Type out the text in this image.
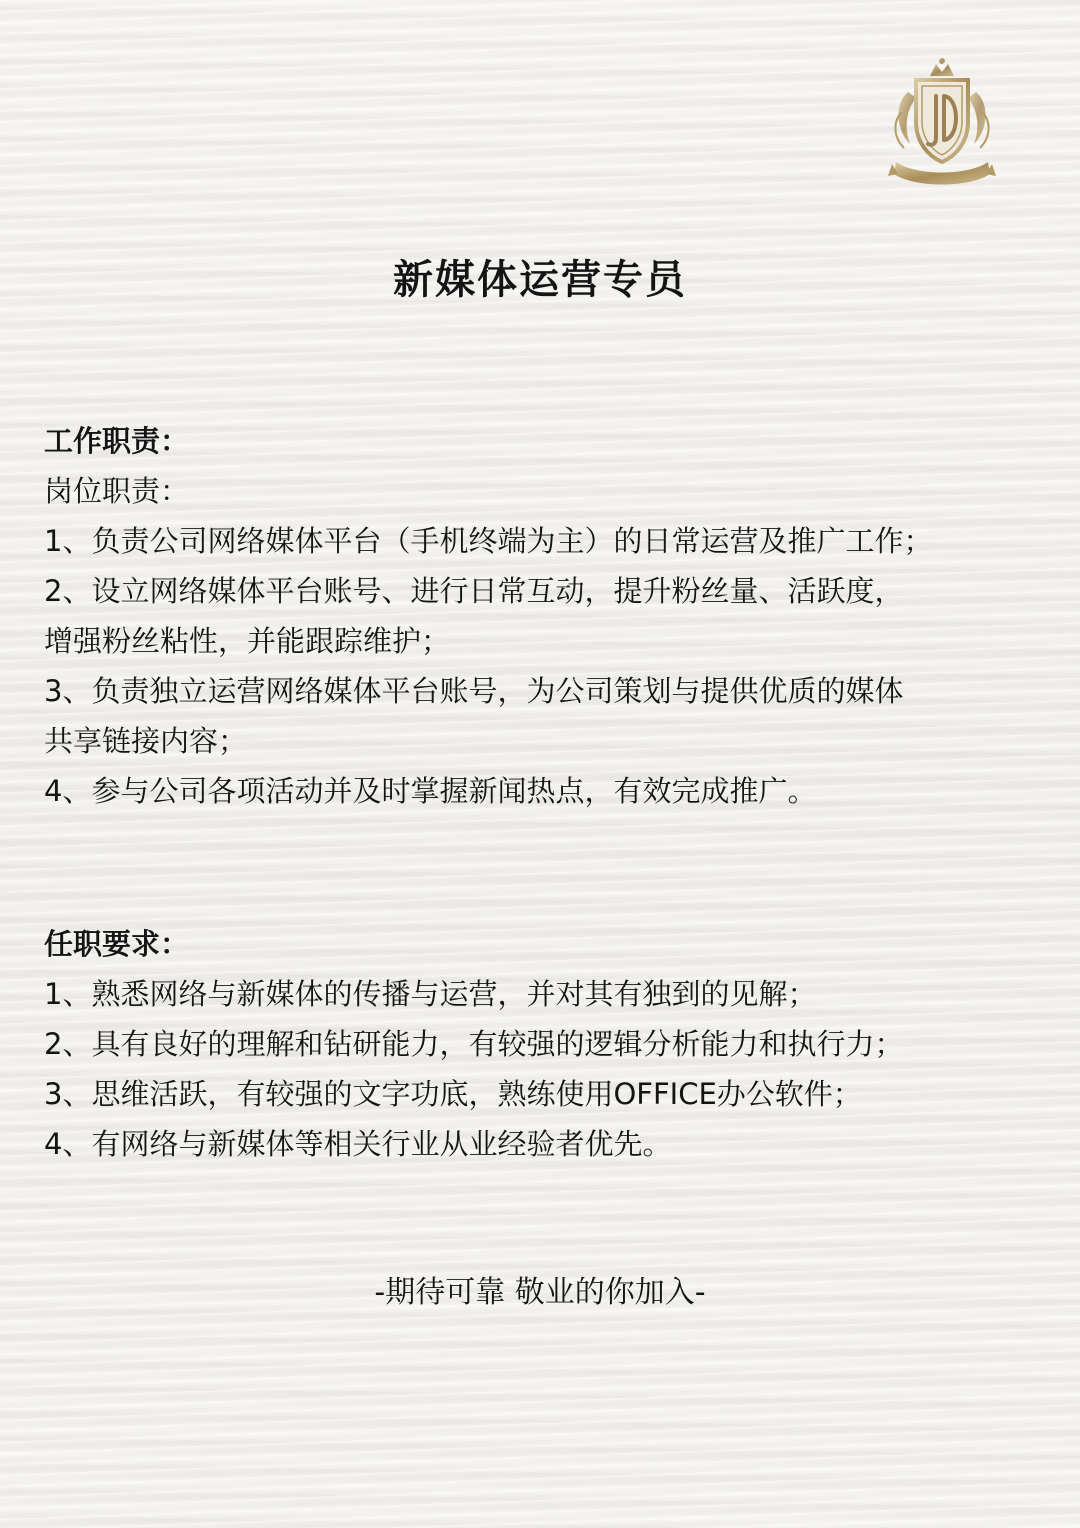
新媒体运营专员
工作职责：
岗位职责：
1、负责公司网络媒体平台（手机终端为主）的日常运营及推广工作；
2、设立网络媒体平台账号、进行日常互动，提升粉丝量、活跃度，
增强粉丝粘性，并能跟踪维护；
3、负责独立运营网络媒体平台账号，为公司策划与提供优质的媒体
共享链接内容；
4、参与公司各项活动并及时掌握新闻热点，有效完成推广。
任职要求：
1、熟悉网络与新媒体的传播与运营，并对其有独到的见解；
2、具有良好的理解和钻研能力，有较强的逻辑分析能力和执行力；
3、思维活跃，有较强的文字功底，熟练使用OFFICE办公软件；
4、有网络与新媒体等相关行业从业经验者优先。
-期待可靠 敬业的你加入-
